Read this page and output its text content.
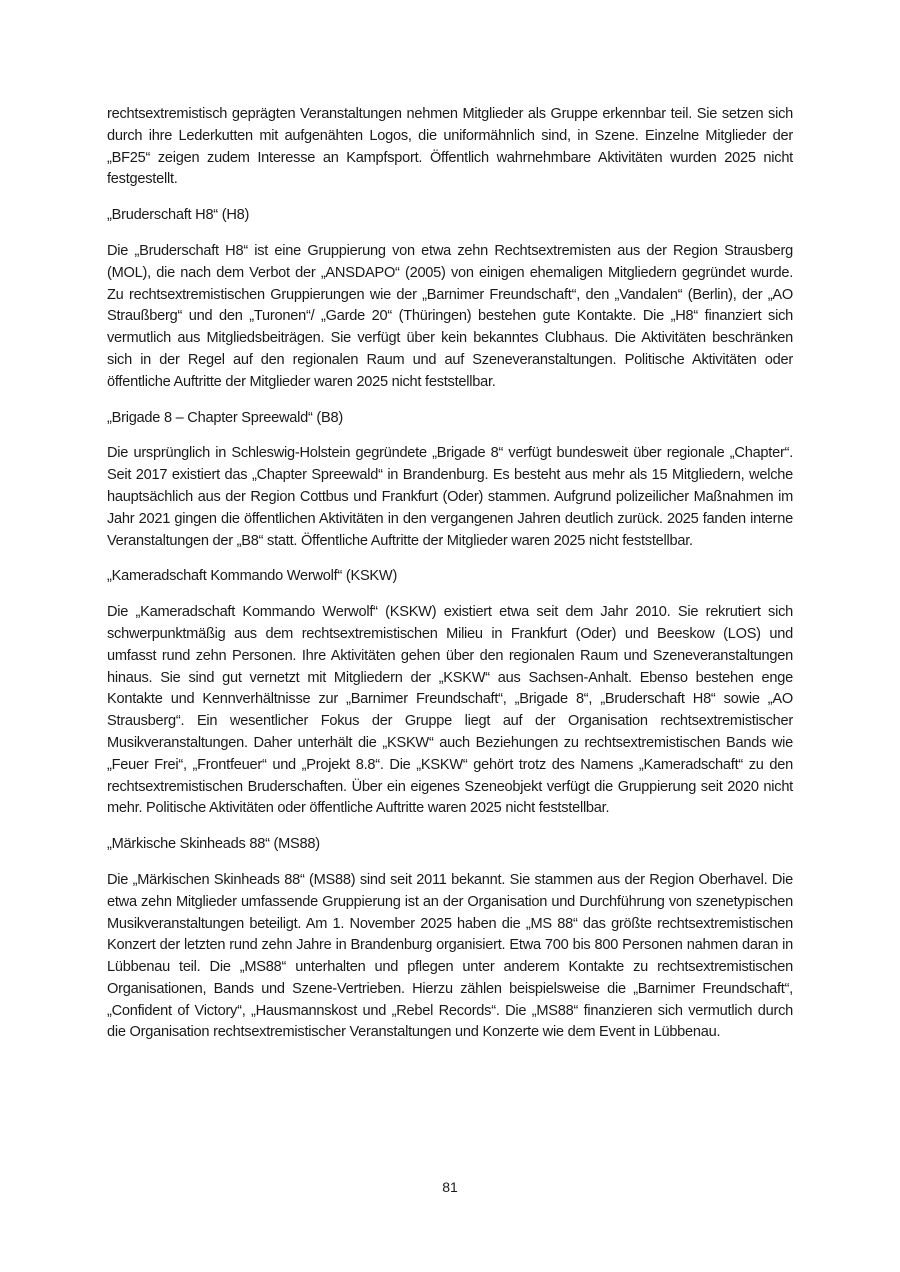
rechtsextremistisch geprägten Veranstaltungen nehmen Mitglieder als Gruppe erkennbar teil. Sie setzen sich durch ihre Lederkutten mit aufgenähten Logos, die uniformähnlich sind, in Szene. Einzelne Mitglieder der „BF25“ zeigen zudem Interesse an Kampfsport. Öffentlich wahrnehmbare Aktivitäten wurden 2025 nicht festgestellt.

„Bruderschaft H8“ (H8)

Die „Bruderschaft H8“ ist eine Gruppierung von etwa zehn Rechtsextremisten aus der Region Strausberg (MOL), die nach dem Verbot der „ANSDAPO“ (2005) von einigen ehemaligen Mitgliedern gegründet wurde. Zu rechtsextremistischen Gruppierungen wie der „Barnimer Freundschaft“, den „Vandalen“ (Berlin), der „AO Straußberg“ und den „Turonen“/ „Garde 20“ (Thüringen) bestehen gute Kontakte. Die „H8“ finanziert sich vermutlich aus Mitgliedsbeiträgen. Sie verfügt über kein bekanntes Clubhaus. Die Aktivitäten beschränken sich in der Regel auf den regionalen Raum und auf Szeneveranstaltungen. Politische Aktivitäten oder öffentliche Auftritte der Mitglieder waren 2025 nicht feststellbar.

„Brigade 8 – Chapter Spreewald“ (B8)

Die ursprünglich in Schleswig-Holstein gegründete „Brigade 8“ verfügt bundesweit über regionale „Chapter“. Seit 2017 existiert das „Chapter Spreewald“ in Brandenburg. Es besteht aus mehr als 15 Mitgliedern, welche hauptsächlich aus der Region Cottbus und Frankfurt (Oder) stammen. Aufgrund polizeilicher Maßnahmen im Jahr 2021 gingen die öffentlichen Aktivitäten in den vergangenen Jahren deutlich zurück. 2025 fanden interne Veranstaltungen der „B8“ statt. Öffentliche Auftritte der Mitglieder waren 2025 nicht feststellbar.

„Kameradschaft Kommando Werwolf“ (KSKW)

Die „Kameradschaft Kommando Werwolf“ (KSKW) existiert etwa seit dem Jahr 2010. Sie rekrutiert sich schwerpunktmäßig aus dem rechtsextremistischen Milieu in Frankfurt (Oder) und Beeskow (LOS) und umfasst rund zehn Personen. Ihre Aktivitäten gehen über den regionalen Raum und Szeneveranstaltungen hinaus. Sie sind gut vernetzt mit Mitgliedern der „KSKW“ aus Sachsen-Anhalt. Ebenso bestehen enge Kontakte und Kennverhältnisse zur „Barnimer Freundschaft“, „Brigade 8“, „Bruderschaft H8“ sowie „AO Strausberg“. Ein wesentlicher Fokus der Gruppe liegt auf der Organisation rechtsextremistischer Musikveranstaltungen. Daher unterhält die „KSKW“ auch Beziehungen zu rechtsextremistischen Bands wie „Feuer Frei“, „Frontfeuer“ und „Projekt 8.8“. Die „KSKW“ gehört trotz des Namens „Kameradschaft“ zu den rechtsextremistischen Bruderschaften. Über ein eigenes Szeneobjekt verfügt die Gruppierung seit 2020 nicht mehr. Politische Aktivitäten oder öffentliche Auftritte waren 2025 nicht feststellbar.

„Märkische Skinheads 88“ (MS88)

Die „Märkischen Skinheads 88“ (MS88) sind seit 2011 bekannt. Sie stammen aus der Region Oberhavel. Die etwa zehn Mitglieder umfassende Gruppierung ist an der Organisation und Durchführung von szenetypischen Musikveranstaltungen beteiligt. Am 1. November 2025 haben die „MS 88“ das größte rechtsextremistischen Konzert der letzten rund zehn Jahre in Brandenburg organisiert. Etwa 700 bis 800 Personen nahmen daran in Lübbenau teil. Die „MS88“ unterhalten und pflegen unter anderem Kontakte zu rechtsextremistischen Organisationen, Bands und Szene-Vertrieben. Hierzu zählen beispielsweise die „Barnimer Freundschaft“, „Confident of Victory“, „Hausmannskost und „Rebel Records“. Die „MS88“ finanzieren sich vermutlich durch die Organisation rechtsextremistischer Veranstaltungen und Konzerte wie dem Event in Lübbenau.

81
